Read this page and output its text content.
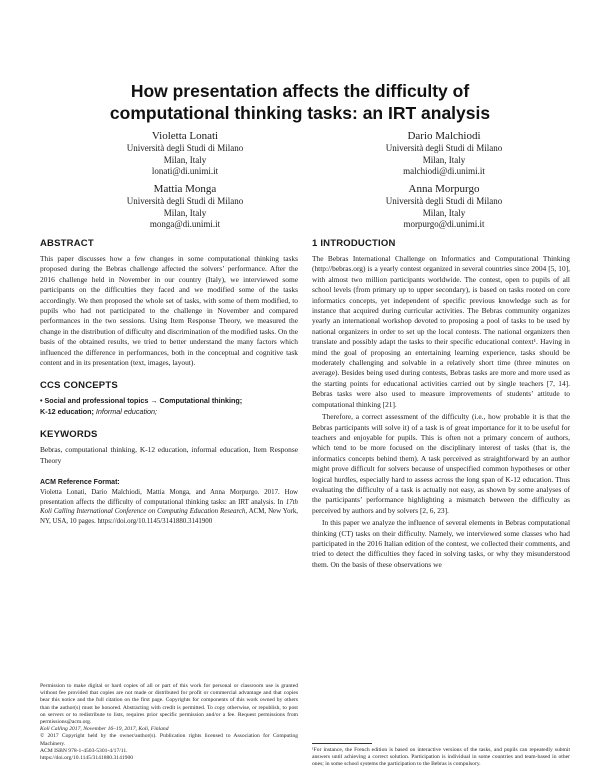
How presentation affects the difficulty of
computational thinking tasks: an IRT analysis
Violetta Lonati
Università degli Studi di Milano
Milan, Italy
lonati@di.unimi.it
Dario Malchiodi
Università degli Studi di Milano
Milan, Italy
malchiodi@di.unimi.it
Mattia Monga
Università degli Studi di Milano
Milan, Italy
monga@di.unimi.it
Anna Morpurgo
Università degli Studi di Milano
Milan, Italy
morpurgo@di.unimi.it
ABSTRACT

This paper discusses how a few changes in some computational thinking tasks proposed during the Bebras challenge affected the solvers’ performance. After the 2016 challenge held in November in our country (Italy), we interviewed some participants on the difficulties they faced and we modified some of the tasks accordingly. We then proposed the whole set of tasks, with some of them modified, to pupils who had not participated to the challenge in November and compared performances in the two sessions. Using Item Response Theory, we measured the change in the distribution of difficulty and discrimination of the modified tasks. On the basis of the obtained results, we tried to better understand the many factors which influenced the difference in performances, both in the conceptual and cognitive task content and in its presentation (text, images, layout).

CCS CONCEPTS
• Social and professional topics → Computational thinking;
K-12 education; Informal education;
KEYWORDS

Bebras, computational thinking, K-12 education, informal education, Item Response Theory

ACM Reference Format:
Violetta Lonati, Dario Malchiodi, Mattia Monga, and Anna Morpurgo. 2017. How presentation affects the difficulty of computational thinking tasks: an IRT analysis. In 17th Koli Calling International Conference on Computing Education Research, ACM, New York, NY, USA, 10 pages. https://doi.org/10.1145/3141880.3141900
Permission to make digital or hard copies of all or part of this work for personal or classroom use is granted without fee provided that copies are not made or distributed for profit or commercial advantage and that copies bear this notice and the full citation on the first page. Copyrights for components of this work owned by others than the author(s) must be honored. Abstracting with credit is permitted. To copy otherwise, or republish, to post on servers or to redistribute to lists, requires prior specific permission and/or a fee. Request permissions from permissions@acm.org.
Koli Calling 2017, November 16–19, 2017, Koli, Finland
© 2017 Copyright held by the owner/author(s). Publication rights licensed to Association for Computing Machinery.
ACM ISBN 978-1-4503-5301-4/17/11.
https://doi.org/10.1145/3141880.3141900
1 INTRODUCTION

The Bebras International Challenge on Informatics and Computational Thinking (http://bebras.org) is a yearly contest organized in several countries since 2004 [5, 10], with almost two million participants worldwide. The contest, open to pupils of all school levels (from primary up to upper secondary), is based on tasks rooted on core informatics concepts, yet independent of specific previous knowledge such as for instance that acquired during curricular activities. The Bebras community organizes yearly an international workshop devoted to proposing a pool of tasks to be used by national organizers in order to set up the local contests. The national organizers then translate and possibly adapt the tasks to their specific educational context¹. Having in mind the goal of proposing an entertaining learning experience, tasks should be moderately challenging and solvable in a relatively short time (three minutes on average). Besides being used during contests, Bebras tasks are more and more used as the starting points for educational activities carried out by single teachers [7, 14]. Bebras tasks were also used to measure improvements of students’ attitude to computational thinking [21].

Therefore, a correct assessment of the difficulty (i.e., how probable it is that the Bebras participants will solve it) of a task is of great importance for it to be useful for teachers and enjoyable for pupils. This is often not a primary concern of authors, which tend to be more focused on the disciplinary interest of tasks (that is, the informatics concepts behind them). A task perceived as straightforward by an author might prove difficult for solvers because of unspecified common hypotheses or other logical hurdles, especially hard to assess across the long span of K-12 education. Thus evaluating the difficulty of a task is actually not easy, as shown by some analyses of the participants’ performance highlighting a mismatch between the difficulty as perceived by authors and by solvers [2, 6, 23].

In this paper we analyze the influence of several elements in Bebras computational thinking (CT) tasks on their difficulty. Namely, we interviewed some classes who had participated in the 2016 Italian edition of the contest, we collected their comments, and tried to detect the difficulties they faced in solving tasks, or why they misunderstood them. On the basis of these observations we

¹For instance, the French edition is based on interactive versions of the tasks, and pupils can repeatedly submit answers until achieving a correct solution. Participation is individual in some countries and team-based in other ones; in some school systems the participation to the Bebras is compulsory.
